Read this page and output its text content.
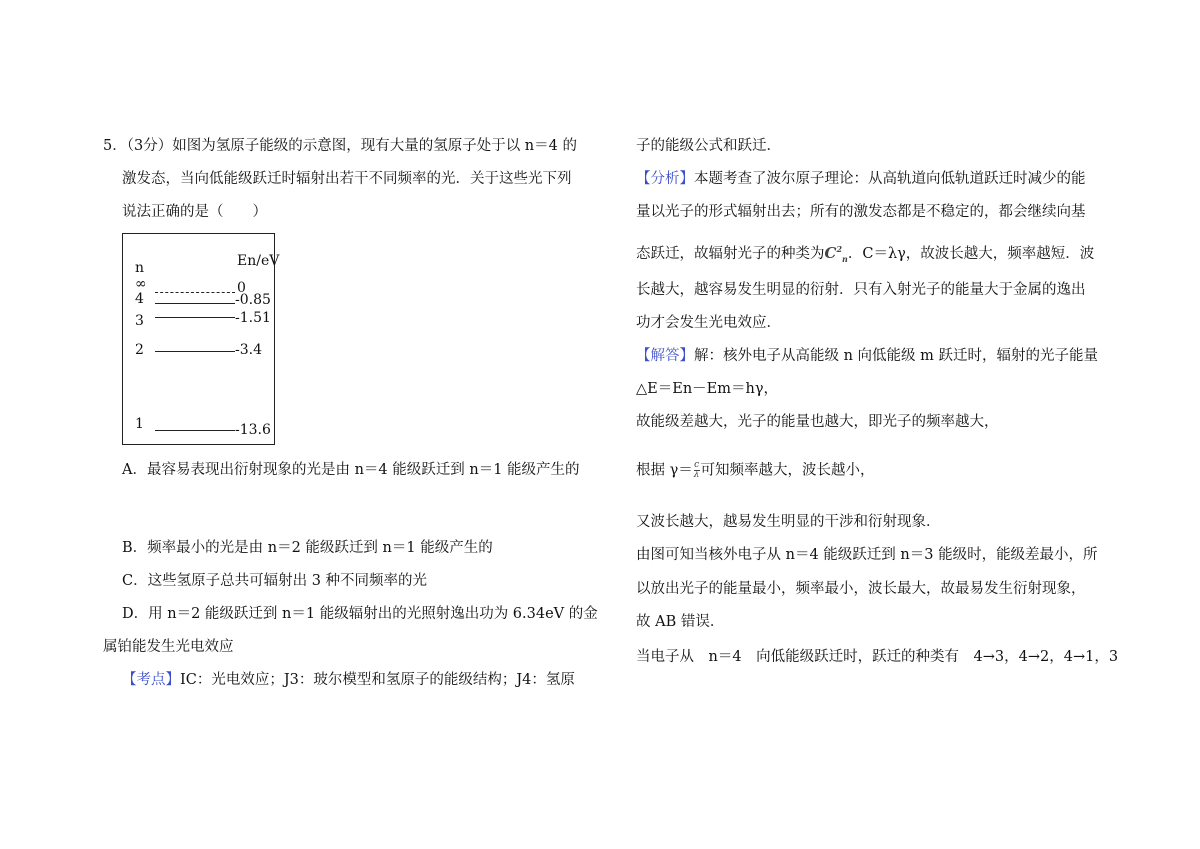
5．（3分）如图为氢原子能级的示意图，现有大量的氢原子处于以 n＝4 的
激发态，当向低能级跃迁时辐射出若干不同频率的光．关于这些光下列
说法正确的是（　　）
n	En/eV
∞	0
4	-0.85
3	-1.51
2	-3.4
1	-13.6
A．最容易表现出衍射现象的光是由 n＝4 能级跃迁到 n＝1 能级产生的
B．频率最小的光是由 n＝2 能级跃迁到 n＝1 能级产生的
C．这些氢原子总共可辐射出 3 种不同频率的光
D．用 n＝2 能级跃迁到 n＝1 能级辐射出的光照射逸出功为 6.34eV 的金
属铂能发生光电效应
【考点】IC：光电效应；J3：玻尔模型和氢原子的能级结构；J4：氢原
子的能级公式和跃迁．
【分析】本题考查了波尔原子理论：从高轨道向低轨道跃迁时减少的能
量以光子的形式辐射出去；所有的激发态都是不稳定的，都会继续向基
态跃迁，故辐射光子的种类为$C^2_n$．C＝λγ，故波长越大，频率越短．波
长越大，越容易发生明显的衍射．只有入射光子的能量大于金属的逸出
功才会发生光电效应．
【解答】解：核外电子从高能级 n 向低能级 m 跃迁时，辐射的光子能量
△E＝En－Em＝hγ，
故能级差越大，光子的能量也越大，即光子的频率越大，
根据 $\gamma= \frac{c}{\lambda}$ 可知频率越大，波长越小，
又波长越大，越易发生明显的干涉和衍射现象．
由图可知当核外电子从 n＝4 能级跃迁到 n＝3 能级时，能级差最小，所
以放出光子的能量最小，频率最小，波长最大，故最易发生衍射现象，
故 AB 错误．
当电子从　n＝4　向低能级跃迁时，跃迁的种类有　4→3，4→2，4→1，3
